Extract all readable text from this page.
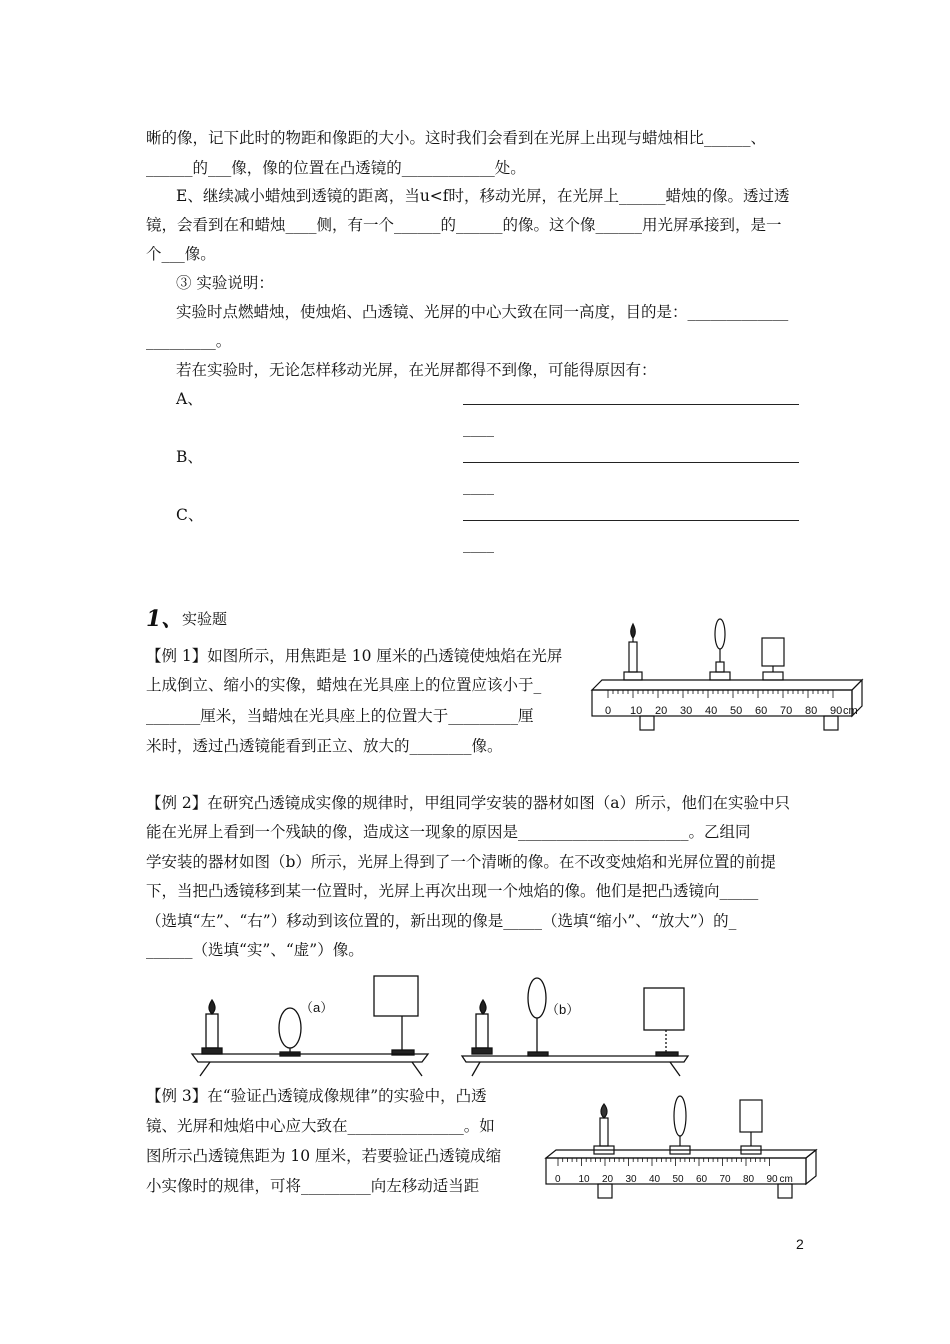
晰的像，记下此时的物距和像距的大小。这时我们会看到在光屏上出现与蜡烛相比______、
______的___像，像的位置在凸透镜的____________处。
E、继续减小蜡烛到透镜的距离，当u<f时，移动光屏，在光屏上______蜡烛的像。透过透
镜，会看到在和蜡烛____侧，有一个______的______的像。这个像______用光屏承接到，是一
个___像。
③ 实验说明：
实验时点燃蜡烛，使烛焰、凸透镜、光屏的中心大致在同一高度，目的是：_____________
_________。
若在实验时，无论怎样移动光屏，在光屏都得不到像，可能得原因有：
A、
____
B、
____
C、
____
1、
实验题
【例 1】如图所示，用焦距是 10 厘米的凸透镜使烛焰在光屏
上成倒立、缩小的实像，蜡烛在光具座上的位置应该小于_
_______厘米，当蜡烛在光具座上的位置大于_________厘
米时，透过凸透镜能看到正立、放大的________像。
0 10 20 30 40 50 60 70 80 90 cm
【例 2】在研究凸透镜成实像的规律时，甲组同学安装的器材如图（a）所示，他们在实验中只
能在光屏上看到一个残缺的像，造成这一现象的原因是______________________。乙组同
学安装的器材如图（b）所示，光屏上得到了一个清晰的像。在不改变烛焰和光屏位置的前提
下，当把凸透镜移到某一位置时，光屏上再次出现一个烛焰的像。他们是把凸透镜向_____
（选填“左”、“右”）移动到该位置的，新出现的像是_____（选填“缩小”、“放大”）的_
______（选填“实”、“虚”）像。
（a）	（b）
【例 3】在“验证凸透镜成像规律”的实验中，凸透
镜、光屏和烛焰中心应大致在_______________。如
图所示凸透镜焦距为 10 厘米，若要验证凸透镜成缩
小实像时的规律，可将_________向左移动适当距	0 10 20 30 40 50 60 70 80 90 cm
2
